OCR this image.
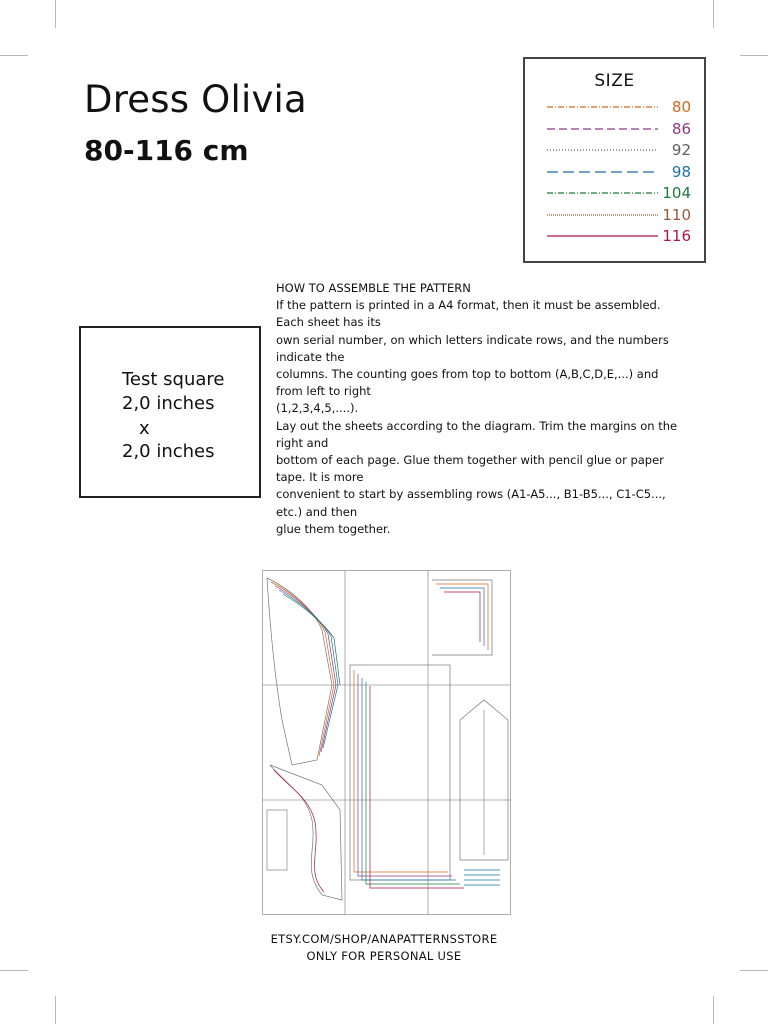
Dress Olivia
80-116 cm
SIZE
80
86
92
98
104
110
116
Test square
2,0 inches
x
2,0 inches

HOW TO ASSEMBLE THE PATTERN

If the pattern is printed in a A4 format, then it must be assembled.

Each sheet has its

own serial number, on which letters indicate rows, and the numbers

indicate the

columns. The counting goes from top to bottom (A,B,C,D,E,...) and

from left to right

(1,2,3,4,5,....).

Lay out the sheets according to the diagram. Trim the margins on the

right and

bottom of each page. Glue them together with pencil glue or paper

tape. It is more

convenient to start by assembling rows (A1-A5..., B1-B5..., C1-C5...,

etc.) and then

glue them together.

ETSY.COM/SHOP/ANAPATTERNSSTORE
ONLY FOR PERSONAL USE
